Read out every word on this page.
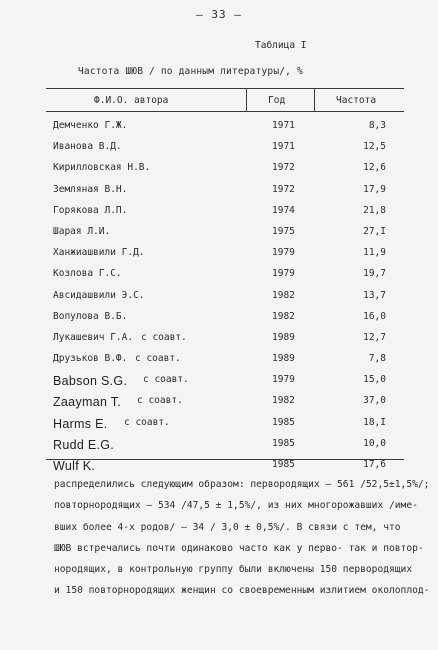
– 33 –
Таблица I
Частота ШЮВ / по данным литературы/, %
Ф.И.О. автора	Год	Частота
Демченко Г.Ж.	1971	8,3
Иванова В.Д.	1971	12,5
Кирилловская Н.В.	1972	12,6
Земляная В.Н.	1972	17,9
Горякова Л.П.	1974	21,8
Шарая Л.И.	1975	27,I
Ханжиашвили Г.Д.	1979	11,9
Козлова Г.С.	1979	19,7
Авсидашвили Э.С.	1982	13,7
Вопулова В.Б.	1982	16,0
Лукашевич Г.А. с соавт.	1989	12,7
Друзьков В.Ф. с соавт.	1989	7,8
Babson S.G. с соавт.	1979	15,0
Zaayman T. с соавт.	1982	37,0
Harms E. с соавт.	1985	18,I
Rudd E.G.	1985	10,0
Wulf K.	1985	17,6
распределились следующим образом: первородящих – 561 /52,5±1,5%/;
повторнородящих – 534 /47,5 ± 1,5%/, из них многорожавших /име-
вших более 4-х родов/ – 34 / 3,0 ± 0,5%/. В связи с тем, что
ШЮВ встречались почти одинаково часто как у перво- так и повтор-
нородящих, в контрольную группу были включены 150 первородящих
и 150 повторнородящих женщин со своевременным излитием околоплод-
